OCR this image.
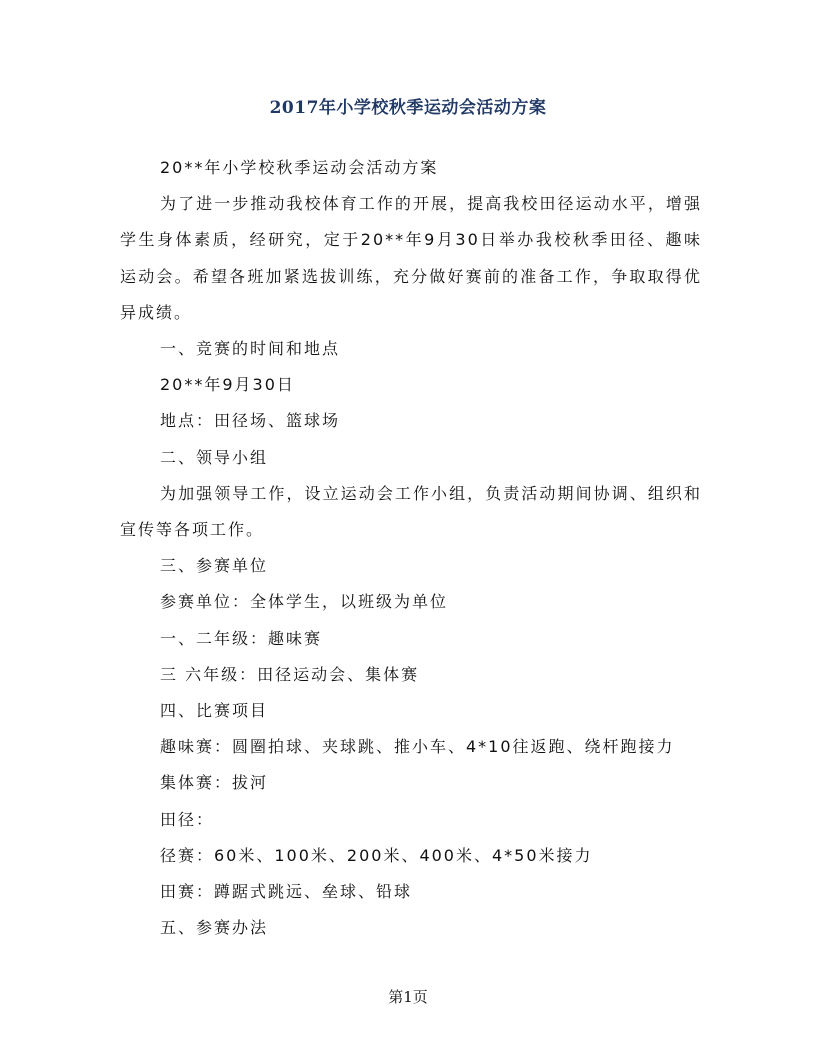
2017年小学校秋季运动会活动方案

20**年小学校秋季运动会活动方案

为了进一步推动我校体育工作的开展，提高我校田径运动水平，增强学生身体素质，经研究，定于20**年9月30日举办我校秋季田径、趣味运动会。希望各班加紧选拔训练，充分做好赛前的准备工作，争取取得优异成绩。

一、竞赛的时间和地点

20**年9月30日

地点：田径场、篮球场

二、领导小组

为加强领导工作，设立运动会工作小组，负责活动期间协调、组织和宣传等各项工作。

三、参赛单位

参赛单位：全体学生，以班级为单位

一、二年级：趣味赛

三 六年级：田径运动会、集体赛

四、比赛项目

趣味赛：圆圈拍球、夹球跳、推小车、4*10往返跑、绕杆跑接力

集体赛：拔河

田径：

径赛：60米、100米、200米、400米、4*50米接力

田赛：蹲踞式跳远、垒球、铅球

五、参赛办法

第1页
